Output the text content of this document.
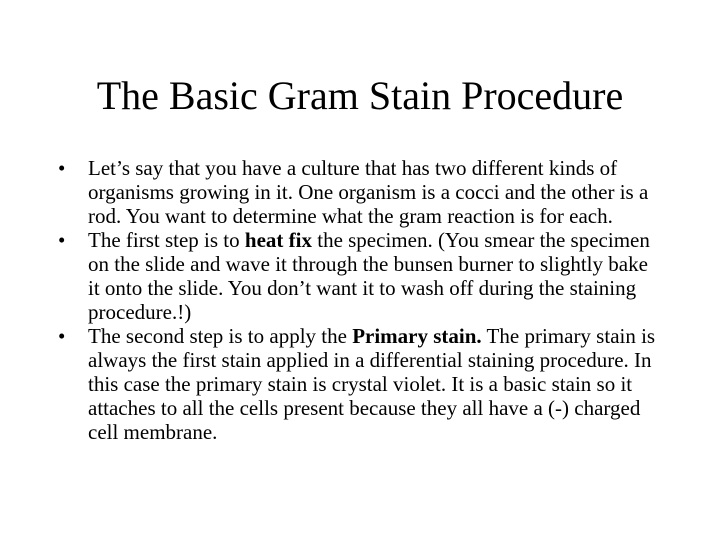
The Basic Gram Stain Procedure
•	Let’s say that you have a culture that has two different kinds of organisms growing in it. One organism is a cocci and the other is a rod. You want to determine what the gram reaction is for each.
•	The first step is to heat fix the specimen. (You smear the specimen on the slide and wave it through the bunsen burner to slightly bake it onto the slide. You don’t want it to wash off during the staining procedure.!)
•	The second step is to apply the Primary stain. The primary stain is always the first stain applied in a differential staining procedure. In this case the primary stain is crystal violet. It is a basic stain so it attaches to all the cells present because they all have a (-) charged cell membrane.
